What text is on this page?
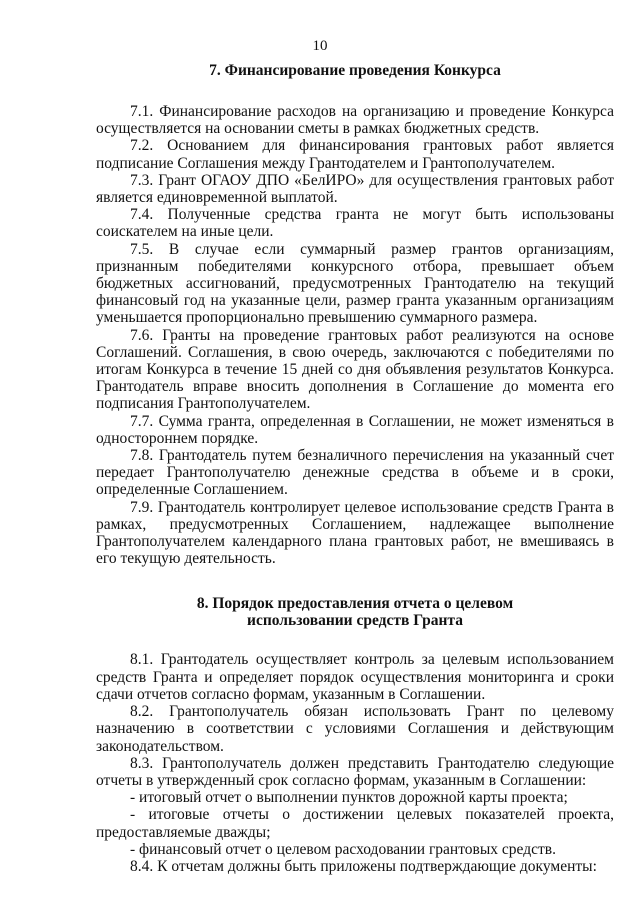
10
7. Финансирование проведения Конкурса

7.1. Финансирование расходов на организацию и проведение Конкурса осуществляется на основании сметы в рамках бюджетных средств.

7.2. Основанием для финансирования грантовых работ является подписание Соглашения между Грантодателем и Грантополучателем.

7.3. Грант ОГАОУ ДПО «БелИРО» для осуществления грантовых работ является единовременной выплатой.

7.4. Полученные средства гранта не могут быть использованы соискателем на иные цели.

7.5. В случае если суммарный размер грантов организациям, признанным победителями конкурсного отбора, превышает объем бюджетных ассигнований, предусмотренных Грантодателю на текущий финансовый год на указанные цели, размер гранта указанным организациям уменьшается пропорционально превышению суммарного размера.

7.6. Гранты на проведение грантовых работ реализуются на основе Соглашений. Соглашения, в свою очередь, заключаются с победителями по итогам Конкурса в течение 15 дней со дня объявления результатов Конкурса. Грантодатель вправе вносить дополнения в Соглашение до момента его подписания Грантополучателем.

7.7. Сумма гранта, определенная в Соглашении, не может изменяться в одностороннем порядке.

7.8. Грантодатель путем безналичного перечисления на указанный счет передает Грантополучателю денежные средства в объеме и в сроки, определенные Соглашением.

7.9. Грантодатель контролирует целевое использование средств Гранта в рамках, предусмотренных Соглашением, надлежащее выполнение Грантополучателем календарного плана грантовых работ, не вмешиваясь в его текущую деятельность.

8. Порядок предоставления отчета о целевом
использовании средств Гранта

8.1. Грантодатель осуществляет контроль за целевым использованием средств Гранта и определяет порядок осуществления мониторинга и сроки сдачи отчетов согласно формам, указанным в Соглашении.

8.2. Грантополучатель обязан использовать Грант по целевому назначению в соответствии с условиями Соглашения и действующим законодательством.

8.3. Грантополучатель должен представить Грантодателю следующие отчеты в утвержденный срок согласно формам, указанным в Соглашении:

- итоговый отчет о выполнении пунктов дорожной карты проекта;

- итоговые отчеты о достижении целевых показателей проекта, предоставляемые дважды;

- финансовый отчет о целевом расходовании грантовых средств.

8.4. К отчетам должны быть приложены подтверждающие документы:
